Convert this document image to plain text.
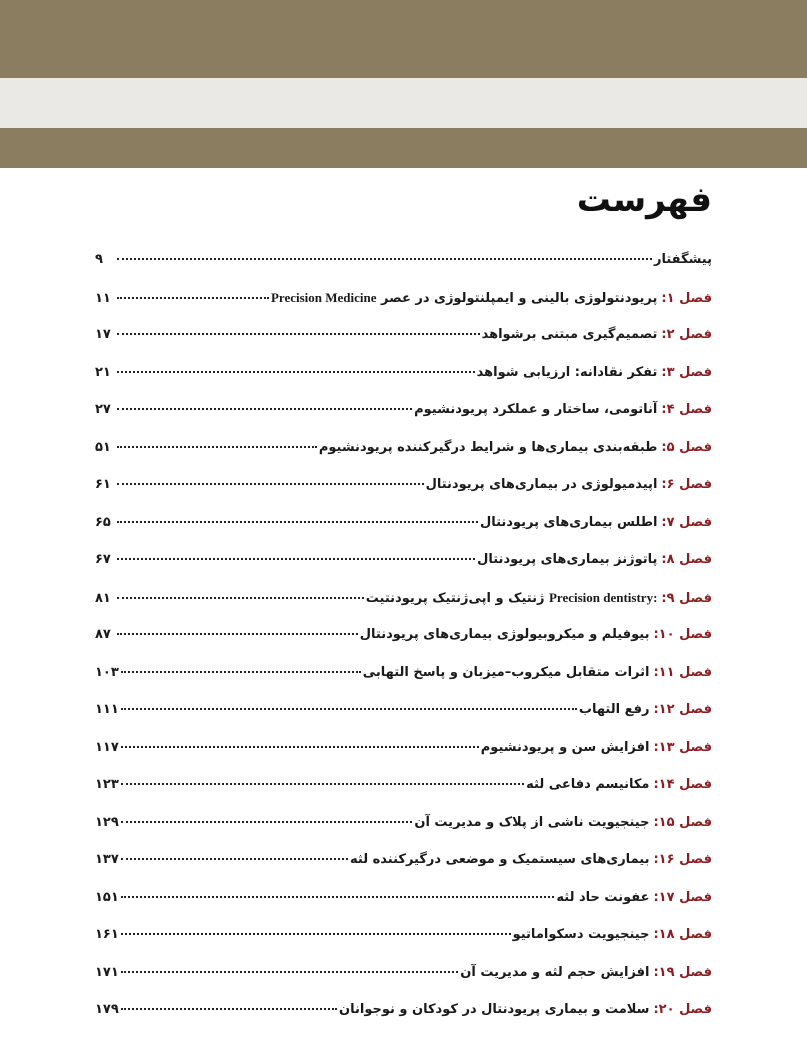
فهرست
پیشگفتار
۹
فصل ۱:
پریودنتولوژی بالینی و ایمپلنتولوژی در عصر Precision Medicine
۱۱
فصل ۲:
تصمیم‌گیری مبتنی برشواهد
۱۷
فصل ۳:
تفکر نقادانه: ارزیابی شواهد
۲۱
فصل ۴:
آناتومی، ساختار و عملکرد پریودنشیوم
۲۷
فصل ۵:
طبقه‌بندی بیماری‌ها و شرایط درگیرکننده پریودنشیوم
۵۱
فصل ۶:
اپیدمیولوژی در بیماری‌های پریودنتال
۶۱
فصل ۷:
اطلس بیماری‌های پریودنتال
۶۵
فصل ۸:
پاتوژنز بیماری‌های پریودنتال
۶۷
فصل ۹:
Precision dentistry: ژنتیک و اپی‌ژنتیک پریودنتیت
۸۱
فصل ۱۰:
بیوفیلم و میکروبیولوژی بیماری‌های پریودنتال
۸۷
فصل ۱۱:
اثرات متقابل میکروب–میزبان و پاسخ التهابی
۱۰۳
فصل ۱۲:
رفع التهاب
۱۱۱
فصل ۱۳:
افزایش سن و پریودنشیوم
۱۱۷
فصل ۱۴:
مکانیسم دفاعی لثه
۱۲۳
فصل ۱۵:
جینجیویت ناشی از پلاک و مدیریت آن
۱۲۹
فصل ۱۶:
بیماری‌های سیستمیک و موضعی درگیرکننده لثه
۱۳۷
فصل ۱۷:
عفونت حاد لثه
۱۵۱
فصل ۱۸:
جینجیویت دسکواماتیو
۱۶۱
فصل ۱۹:
افزایش حجم لثه و مدیریت آن
۱۷۱
فصل ۲۰:
سلامت و بیماری پریودنتال در کودکان و نوجوانان
۱۷۹
